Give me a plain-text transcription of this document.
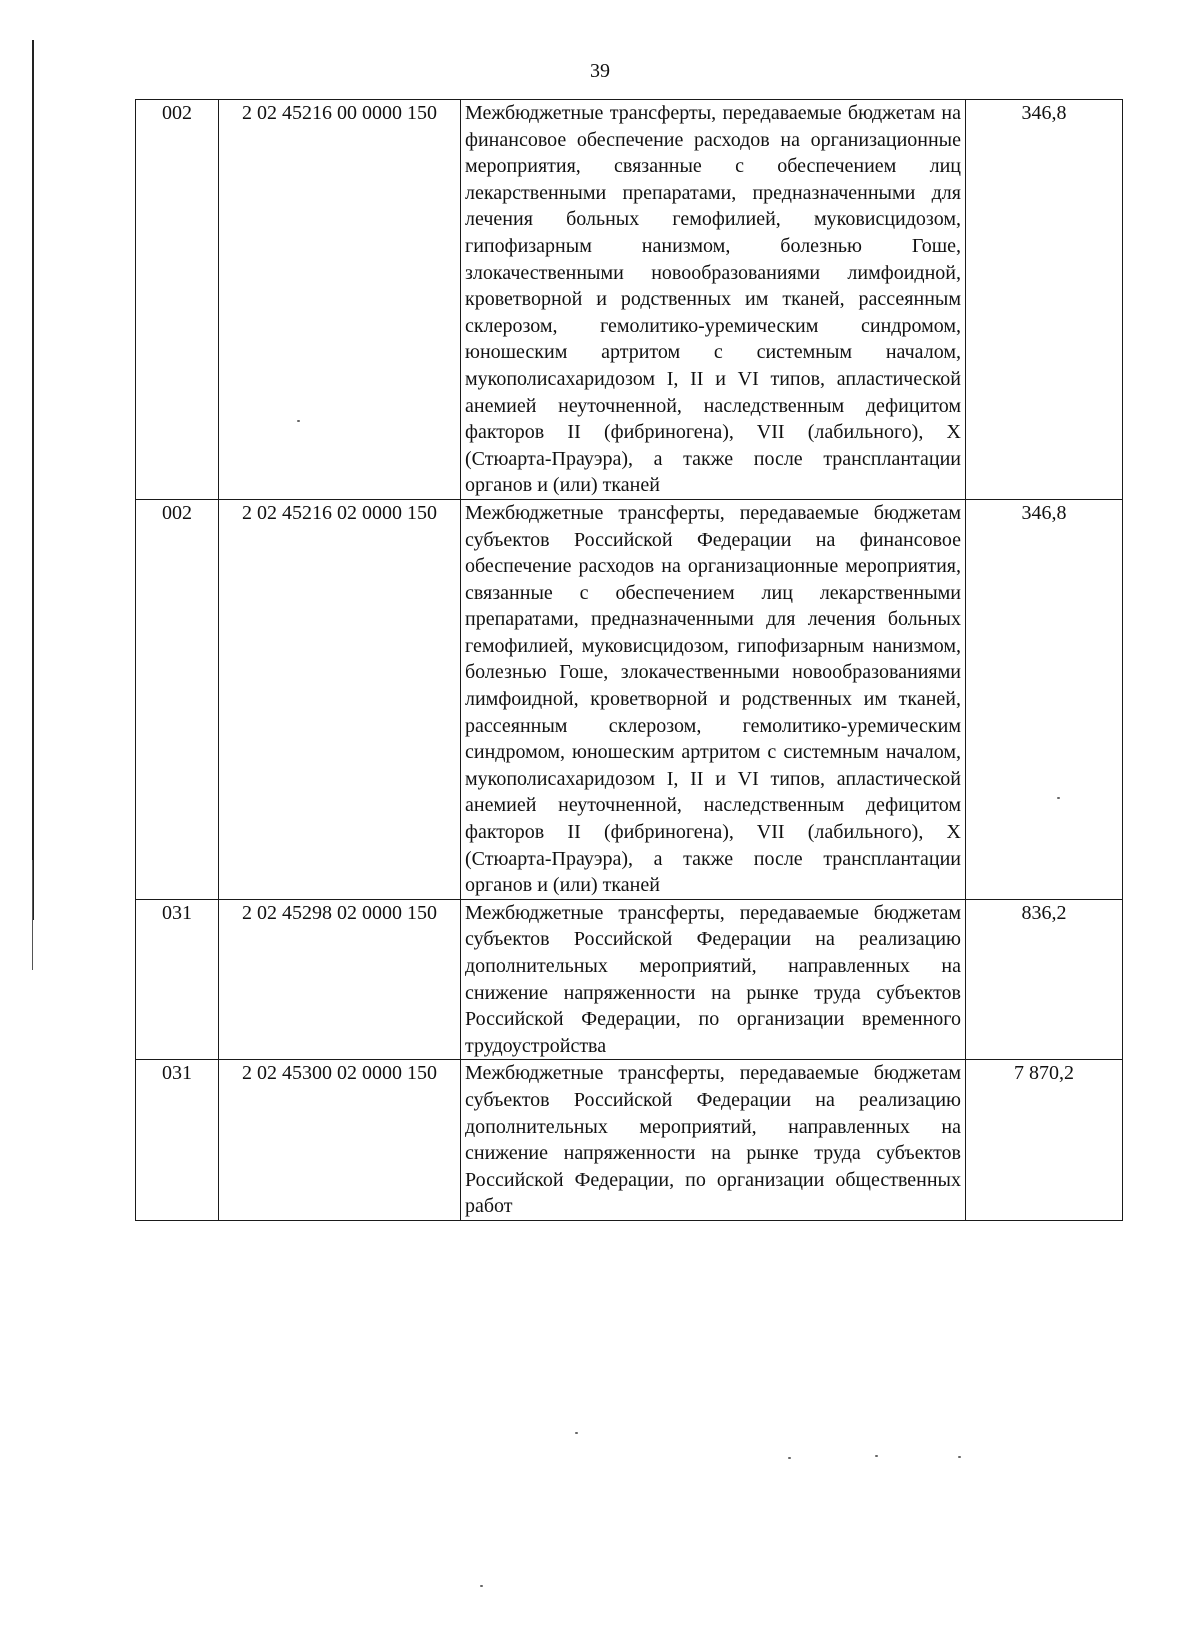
39
002	2 02 45216 00 0000 150	Межбюджетные трансферты, передаваемые бюджетам на финансовое обеспечение расходов на организационные мероприятия, связанные с обеспечением лиц лекарственными препаратами, предназначенными для лечения больных гемофилией, муковисцидозом, гипофизарным нанизмом, болезнью Гоше, злокачественными новообразованиями лимфоидной, кроветворной и родственных им тканей, рассеянным склерозом, гемолитико-уремическим синдромом, юношеским артритом с системным началом, мукополисахаридозом I, II и VI типов, апластической анемией неуточненной, наследственным дефицитом факторов II (фибриногена), VII (лабильного), X (Стюарта-Прауэра), а также после трансплантации органов и (или) тканей	346,8
002	2 02 45216 02 0000 150	Межбюджетные трансферты, передаваемые бюджетам субъектов Российской Федерации на финансовое обеспечение расходов на организационные мероприятия, связанные с обеспечением лиц лекарственными препаратами, предназначенными для лечения больных гемофилией, муковисцидозом, гипофизарным нанизмом, болезнью Гоше, злокачественными новообразованиями лимфоидной, кроветворной и родственных им тканей, рассеянным склерозом, гемолитико-уремическим синдромом, юношеским артритом с системным началом, мукополисахаридозом I, II и VI типов, апластической анемией неуточненной, наследственным дефицитом факторов II (фибриногена), VII (лабильного), X (Стюарта-Прауэра), а также после трансплантации органов и (или) тканей	346,8
031	2 02 45298 02 0000 150	Межбюджетные трансферты, передаваемые бюджетам субъектов Российской Федерации на реализацию дополнительных мероприятий, направленных на снижение напряженности на рынке труда субъектов Российской Федерации, по организации временного трудоустройства	836,2
031	2 02 45300 02 0000 150	Межбюджетные трансферты, передаваемые бюджетам субъектов Российской Федерации на реализацию дополнительных мероприятий, направленных на снижение напряженности на рынке труда субъектов Российской Федерации, по организации общественных работ	7 870,2
